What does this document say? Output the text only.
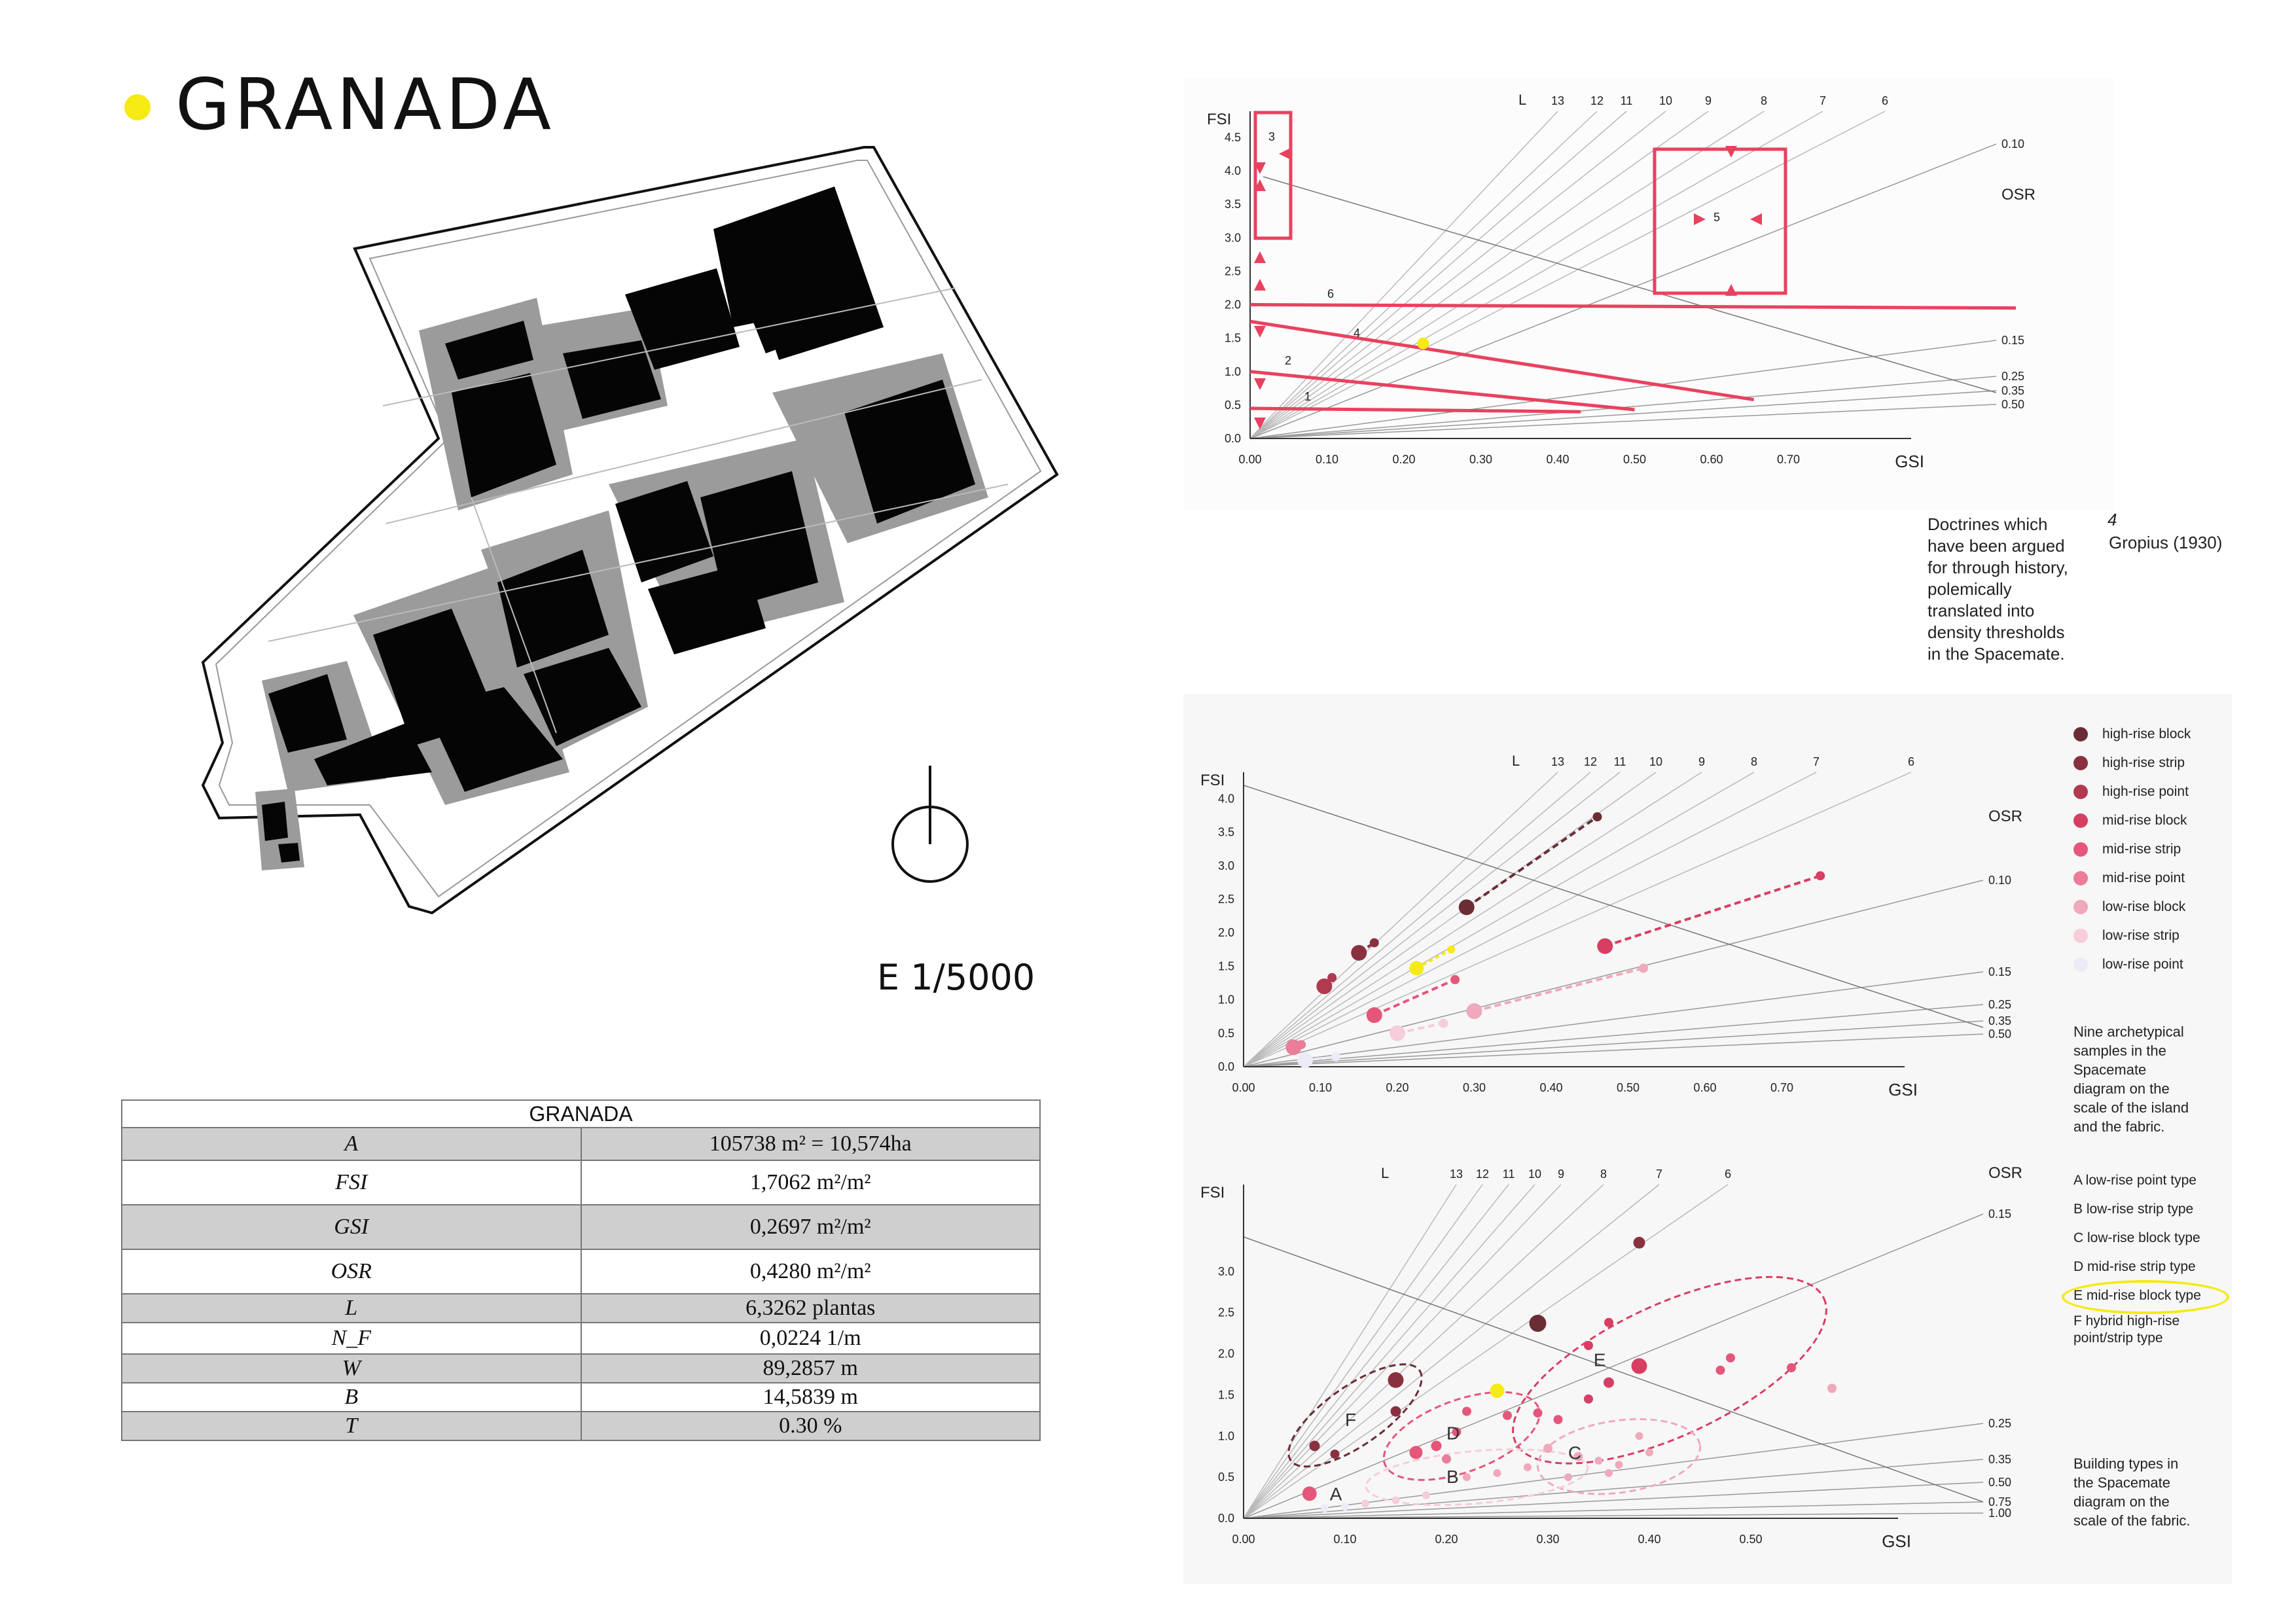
GRANADA
E 1/5000
GRANADA	
A	105738 m² = 10,574ha
FSI	1,7062 m²/m²
GSI	0,2697 m²/m²
OSR	0,4280 m²/m²
L	6,3262 plantas
N_F	0,0224 1/m
W	89,2857 m
B	14,5839 m
T	0.30 %
13 12 11 10	9	8	7	6
L
0.10
0.15
0.25
0.35
0.50
OSR
0.00	0.10	0.20	0.30	0.40	0.50	0.60	0.70
0.0
0.5
1.0
1.5
2.0
2.5
3.0
3.5
4.0
4.5
GSI
FSI
1
2
3
4
5
6
Doctrines which
have been argued
for through history,
polemically
translated into
density thresholds
in the Spacemate.
4
Gropius (1930)
13 12 11 10	9	8	7	6
L
0.10
0.15
0.25
0.35
0.50
OSR
0.00	0.10	0.20	0.30	0.40	0.50	0.60	0.70
0.0
0.5
1.0
1.5
2.0
2.5
3.0
3.5
4.0
GSI
FSI
13 12 11 10 9	8	7	6
L
0.15
0.25
0.35
0.50
0.75
1.00
OSR
0.00	0.10	0.20	0.30	0.40	0.50
0.0
0.5
1.0
1.5
2.0
2.5
3.0
GSI
FSI
A
B
C
D
E
F
high-rise block
high-rise strip
high-rise point
mid-rise block
mid-rise strip
mid-rise point
low-rise block
low-rise strip
low-rise point
Nine archetypical
samples in the
Spacemate
diagram on the
scale of the island
and the fabric.
A low-rise point type
B low-rise strip type
C low-rise block type
D mid-rise strip type
E mid-rise block type
F hybrid high-rise
point/strip type
Building types in
the Spacemate
diagram on the
scale of the fabric.
